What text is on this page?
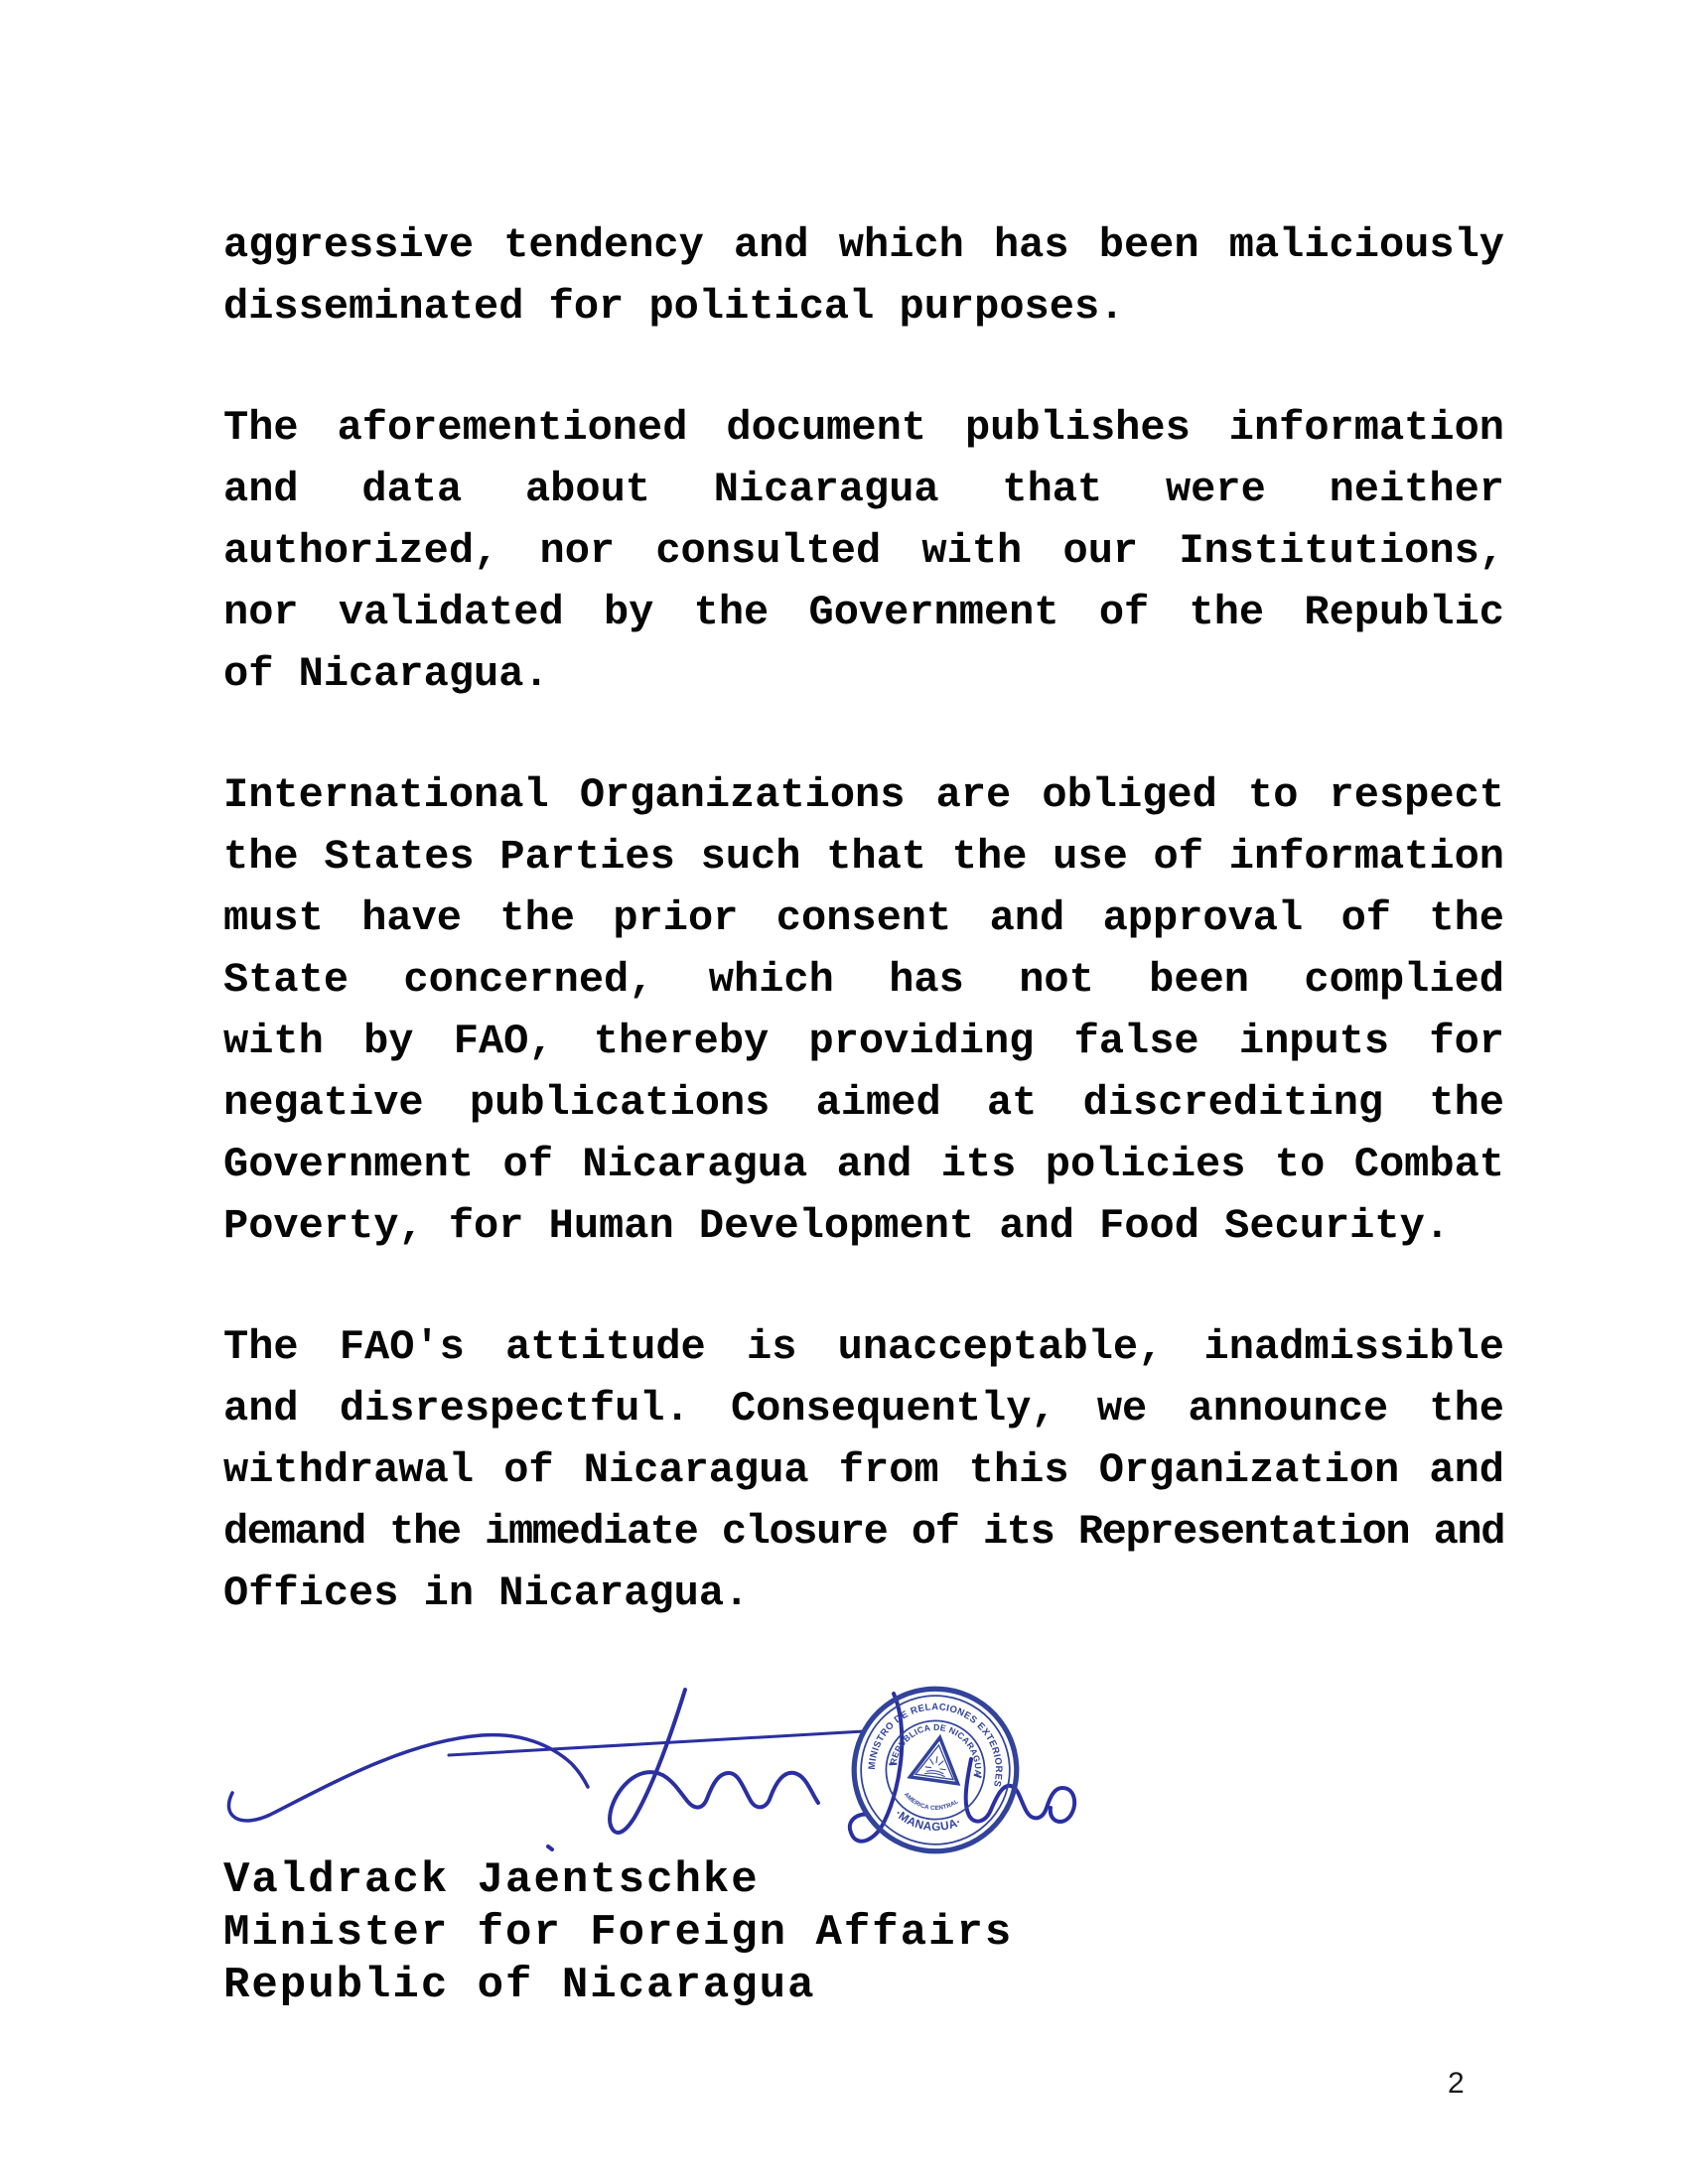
aggressive tendency and which has been maliciously
disseminated for political purposes.
The aforementioned document publishes information
and data about Nicaragua that were neither
authorized, nor consulted with our Institutions,
nor validated by the Government of the Republic
of Nicaragua.
International Organizations are obliged to respect
the States Parties such that the use of information
must have the prior consent and approval of the
State concerned, which has not been complied
with by FAO, thereby providing false inputs for
negative publications aimed at discrediting the
Government of Nicaragua and its policies to Combat
Poverty, for Human Development and Food Security.
The FAO's attitude is unacceptable, inadmissible
and disrespectful. Consequently, we announce the
withdrawal of Nicaragua from this Organization and
demand the immediate closure of its Representation and
Offices in Nicaragua.
MINISTRO DE RELACIONES EXTERIORES
·MANAGUA·
REPUBLICA DE NICARAGUA
AMERICA CENTRAL
Valdrack Jaentschke
Minister for Foreign Affairs
Republic of Nicaragua
2
